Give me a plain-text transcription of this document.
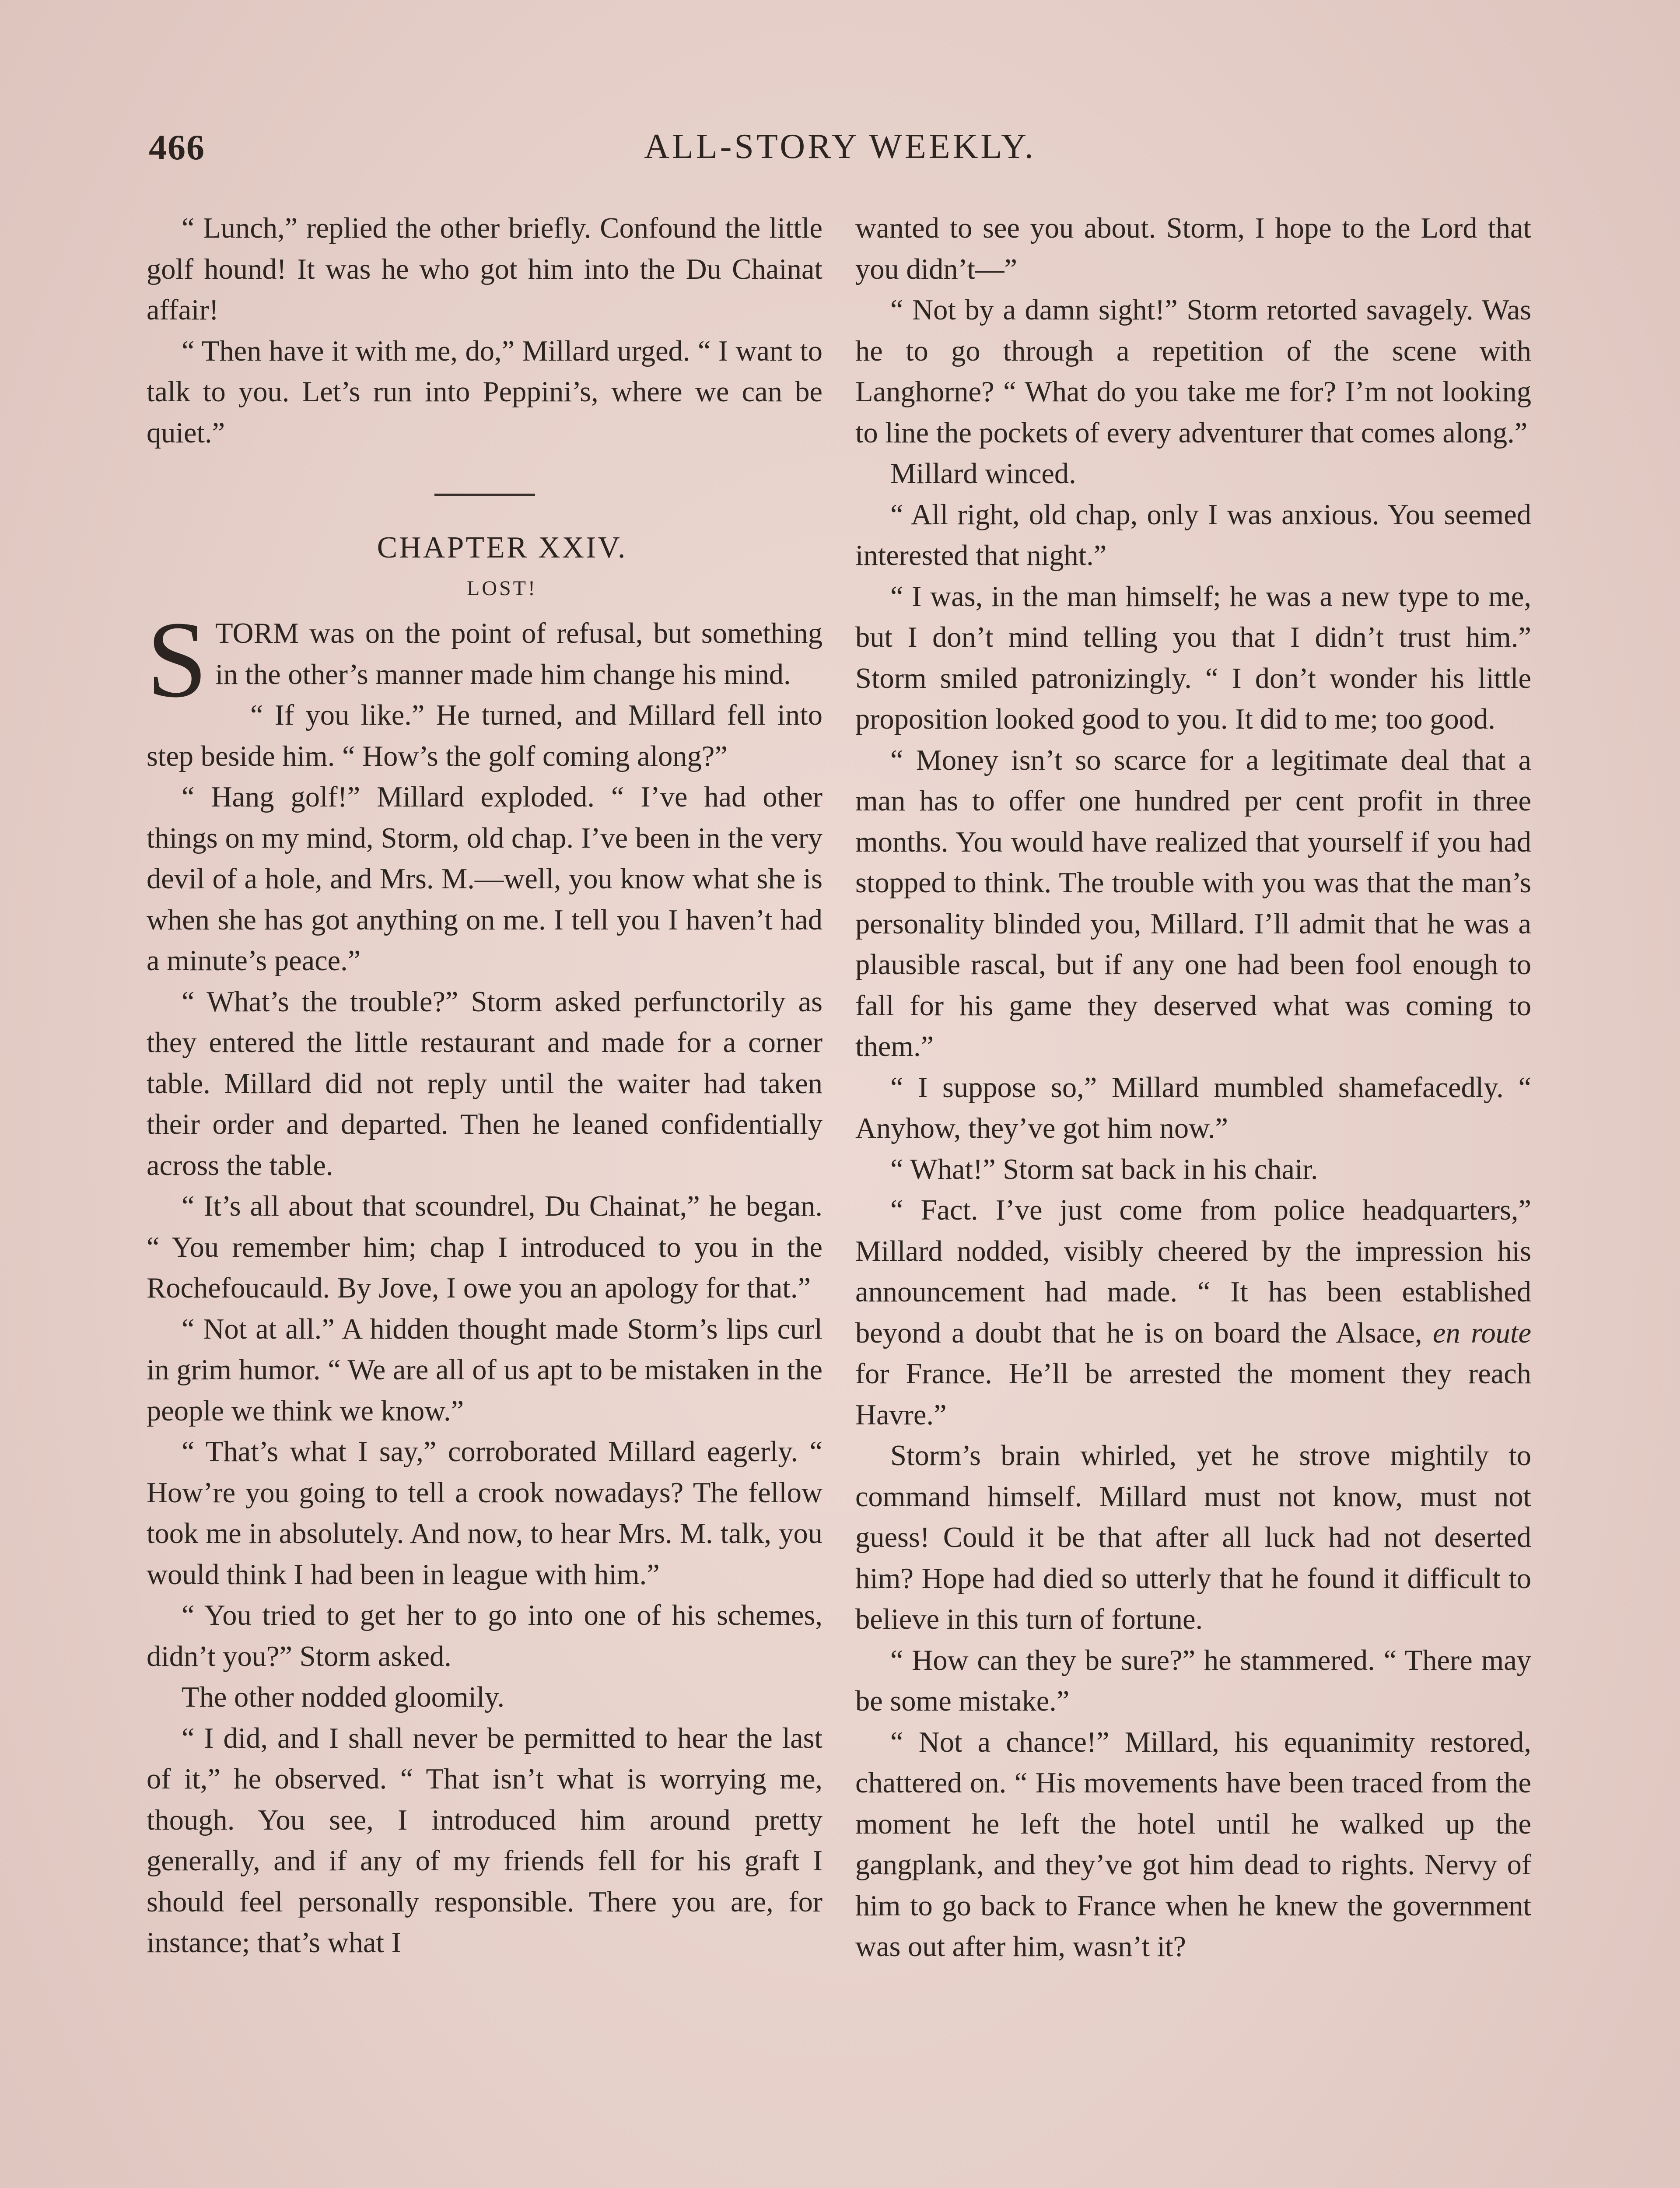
466	ALL-STORY WEEKLY.

“ Lunch,” replied the other briefly. Confound the little golf hound! It was he who got him into the Du Chainat affair!

“ Then have it with me, do,” Millard urged. “ I want to talk to you. Let’s run into Peppini’s, where we can be quiet.”

CHAPTER XXIV.

LOST!

STORM was on the point of refusal, but something in the other’s manner made him change his mind.

“ If you like.” He turned, and Millard fell into step beside him. “ How’s the golf coming along?”

“ Hang golf!” Millard exploded. “ I’ve had other things on my mind, Storm, old chap. I’ve been in the very devil of a hole, and Mrs. M.—well, you know what she is when she has got anything on me. I tell you I haven’t had a minute’s peace.”

“ What’s the trouble?” Storm asked perfunctorily as they entered the little restaurant and made for a corner table. Millard did not reply until the waiter had taken their order and departed. Then he leaned confidentially across the table.

“ It’s all about that scoundrel, Du Chainat,” he began. “ You remember him; chap I introduced to you in the Rochefoucauld. By Jove, I owe you an apology for that.”

“ Not at all.” A hidden thought made Storm’s lips curl in grim humor. “ We are all of us apt to be mistaken in the people we think we know.”

“ That’s what I say,” corroborated Millard eagerly. “ How’re you going to tell a crook nowadays? The fellow took me in absolutely. And now, to hear Mrs. M. talk, you would think I had been in league with him.”

“ You tried to get her to go into one of his schemes, didn’t you?” Storm asked.

The other nodded gloomily.

“ I did, and I shall never be permitted to hear the last of it,” he observed. “ That isn’t what is worrying me, though. You see, I introduced him around pretty generally, and if any of my friends fell for his graft I should feel personally responsible. There you are, for instance; that’s what I

wanted to see you about. Storm, I hope to the Lord that you didn’t—”

“ Not by a damn sight!” Storm retorted savagely. Was he to go through a repetition of the scene with Langhorne? “ What do you take me for? I’m not looking to line the pockets of every adventurer that comes along.”

Millard winced.

“ All right, old chap, only I was anxious. You seemed interested that night.”

“ I was, in the man himself; he was a new type to me, but I don’t mind telling you that I didn’t trust him.” Storm smiled patronizingly. “ I don’t wonder his little proposition looked good to you. It did to me; too good.

“ Money isn’t so scarce for a legitimate deal that a man has to offer one hundred per cent profit in three months. You would have realized that yourself if you had stopped to think. The trouble with you was that the man’s personality blinded you, Millard. I’ll admit that he was a plausible rascal, but if any one had been fool enough to fall for his game they deserved what was coming to them.”

“ I suppose so,” Millard mumbled shamefacedly. “ Anyhow, they’ve got him now.”

“ What!” Storm sat back in his chair.

“ Fact. I’ve just come from police headquarters,” Millard nodded, visibly cheered by the impression his announcement had made. “ It has been established beyond a doubt that he is on board the Alsace, en route for France. He’ll be arrested the moment they reach Havre.”

Storm’s brain whirled, yet he strove mightily to command himself. Millard must not know, must not guess! Could it be that after all luck had not deserted him? Hope had died so utterly that he found it difficult to believe in this turn of fortune.

“ How can they be sure?” he stammered. “ There may be some mistake.”

“ Not a chance!” Millard, his equanimity restored, chattered on. “ His movements have been traced from the moment he left the hotel until he walked up the gangplank, and they’ve got him dead to rights. Nervy of him to go back to France when he knew the government was out after him, wasn’t it?
